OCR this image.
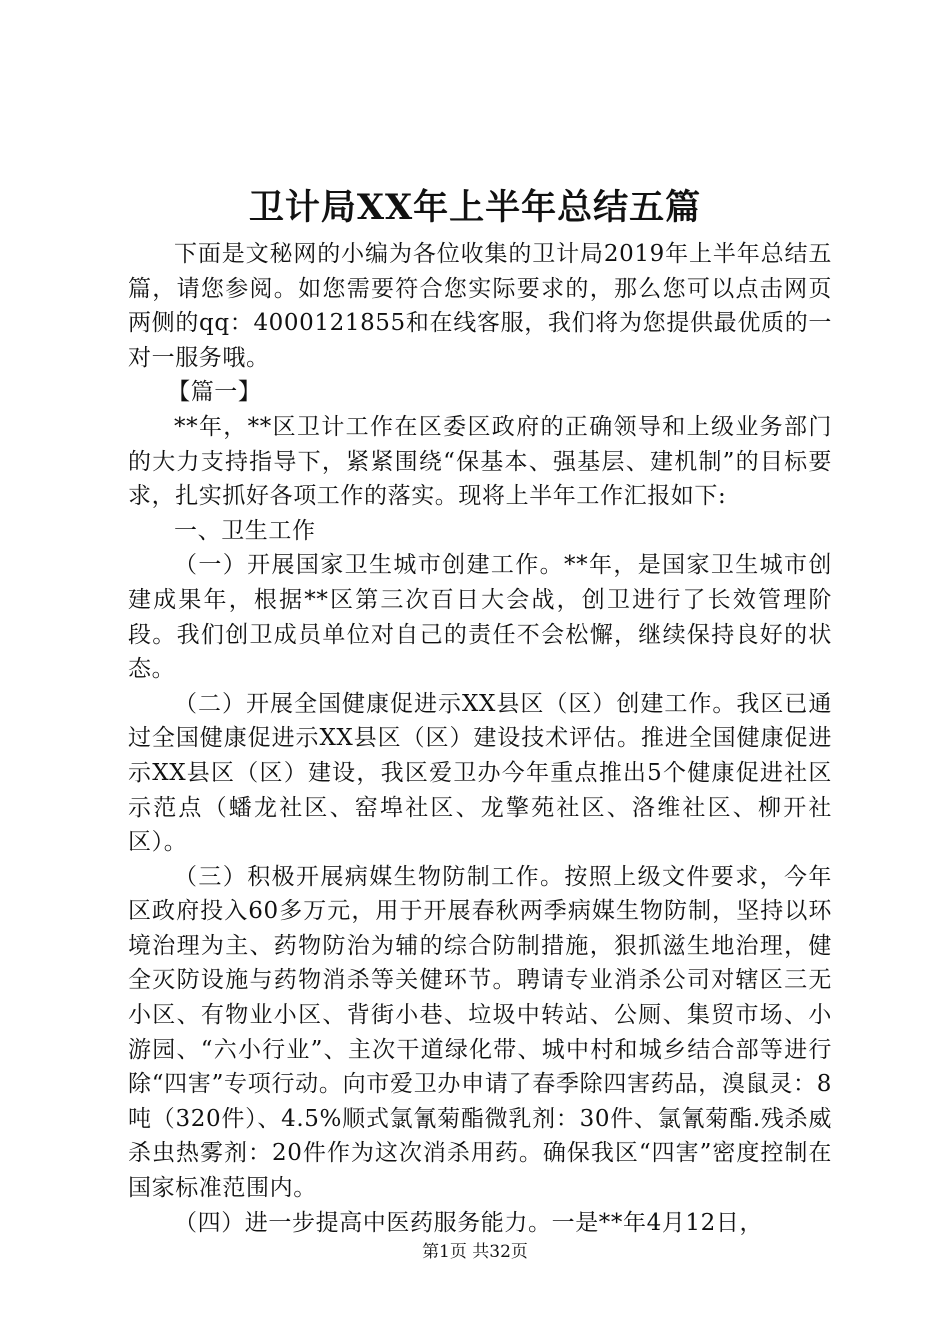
卫计局XX年上半年总结五篇

下面是文秘网的小编为各位收集的卫计局2019年上半年总结五篇，请您参阅。如您需要符合您实际要求的，那么您可以点击网页两侧的qq：4000121855和在线客服，我们将为您提供最优质的一对一服务哦。

【篇一】

**年，**区卫计工作在区委区政府的正确领导和上级业务部门的大力支持指导下，紧紧围绕“保基本、强基层、建机制”的目标要求，扎实抓好各项工作的落实。现将上半年工作汇报如下:

一、卫生工作

（一）开展国家卫生城市创建工作。**年，是国家卫生城市创建成果年，根据**区第三次百日大会战，创卫进行了长效管理阶段。我们创卫成员单位对自己的责任不会松懈，继续保持良好的状态。

（二）开展全国健康促进示XX县区（区）创建工作。我区已通过全国健康促进示XX县区（区）建设技术评估。推进全国健康促进示XX县区（区）建设，我区爱卫办今年重点推出5个健康促进社区示范点（蟠龙社区、窑埠社区、龙擎苑社区、洛维社区、柳开社区）。

（三）积极开展病媒生物防制工作。按照上级文件要求，今年区政府投入60多万元，用于开展春秋两季病媒生物防制，坚持以环境治理为主、药物防治为辅的综合防制措施，狠抓滋生地治理，健全灭防设施与药物消杀等关健环节。聘请专业消杀公司对辖区三无小区、有物业小区、背街小巷、垃圾中转站、公厕、集贸市场、小游园、“六小行业”、主次干道绿化带、城中村和城乡结合部等进行除“四害”专项行动。向市爱卫办申请了春季除四害药品，溴鼠灵：8吨（320件）、4.5%顺式氯氰菊酯微乳剂：30件、氯氰菊酯.残杀威杀虫热雾剂：20件作为这次消杀用药。确保我区“四害”密度控制在国家标准范围内。

（四）进一步提高中医药服务能力。一是**年4月12日，

第1页 共32页
